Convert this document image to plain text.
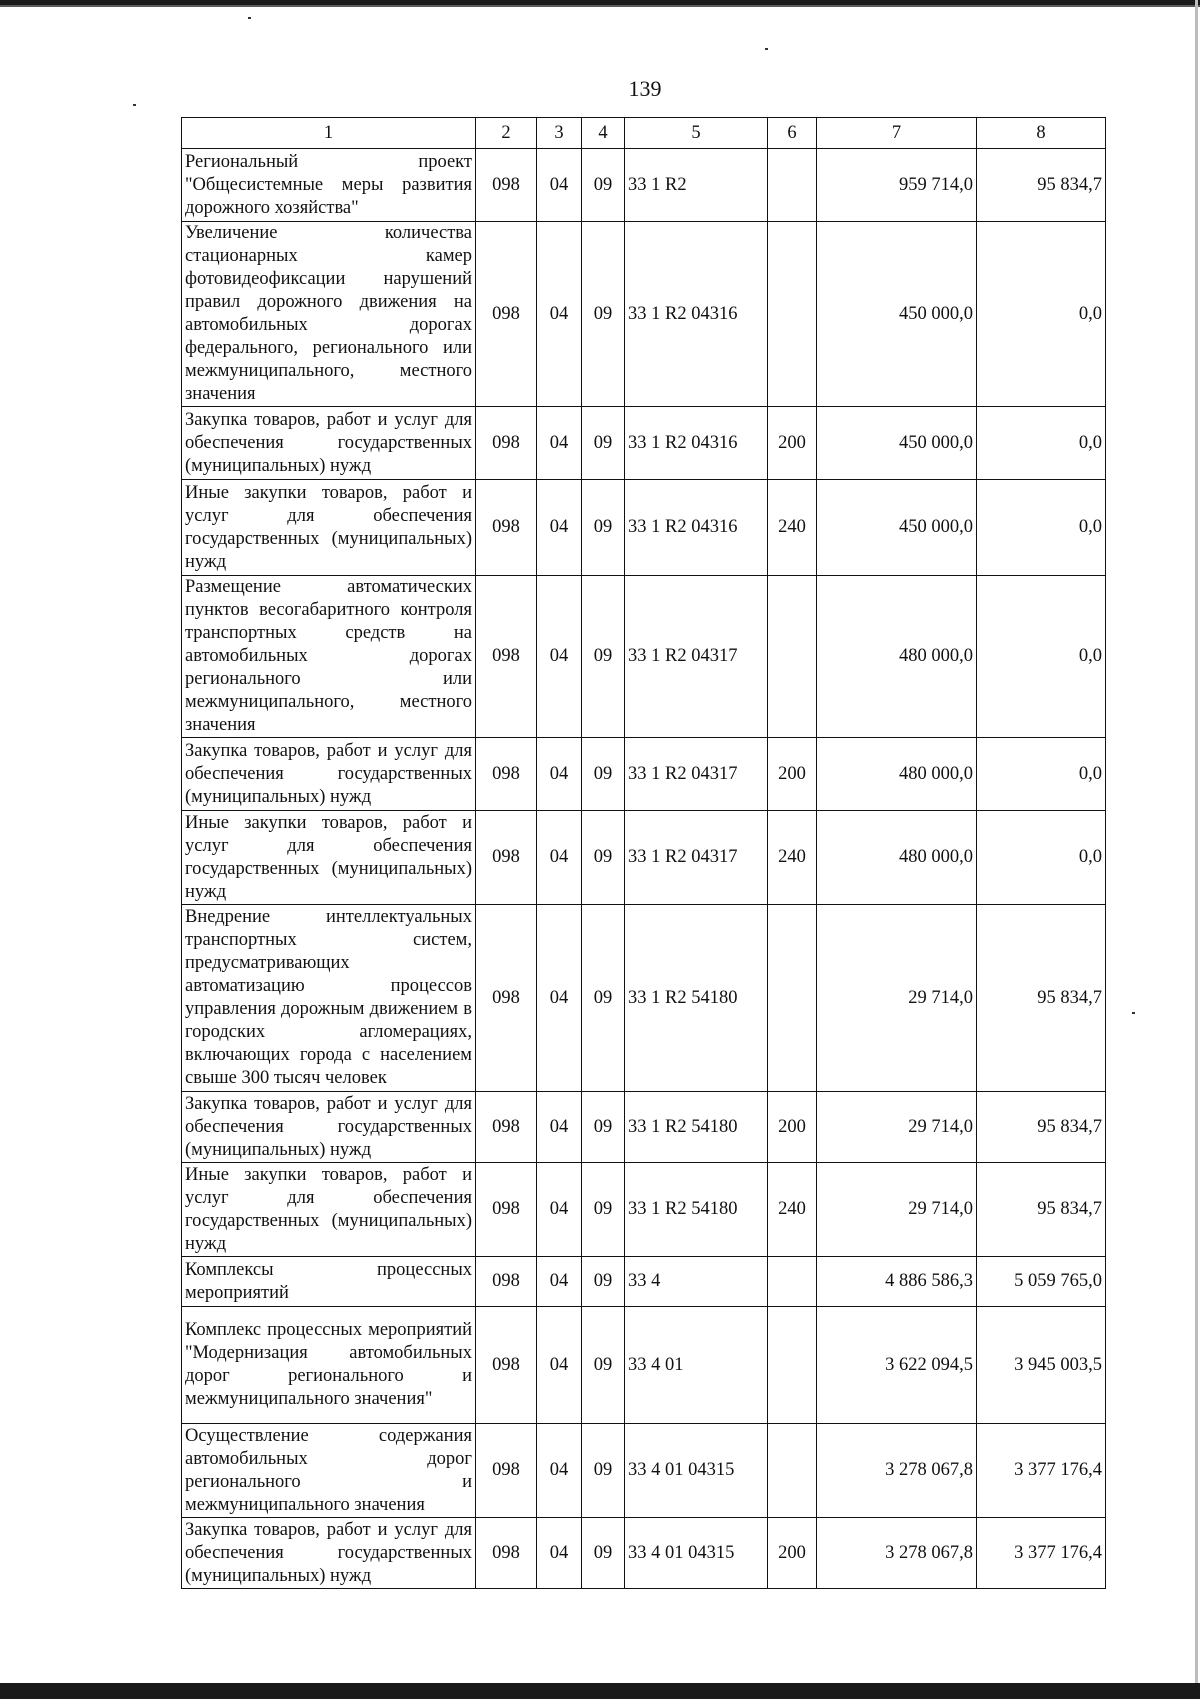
139
1	2	3	4	5	6	7	8
Региональный проект "Общесистемные меры развития дорожного хозяйства"	098	04	09	33 1 R2		959 714,0	95 834,7
Увеличение количества стационарных камер фотовидеофиксации нарушений правил дорожного движения на автомобильных дорогах федерального, регионального или межмуниципального, местного значения	098	04	09	33 1 R2 04316		450 000,0	0,0
Закупка товаров, работ и услуг для обеспечения государственных (муниципальных) нужд	098	04	09	33 1 R2 04316	200	450 000,0	0,0
Иные закупки товаров, работ и услуг для обеспечения государственных (муниципальных) нужд	098	04	09	33 1 R2 04316	240	450 000,0	0,0
Размещение автоматических пунктов весогабаритного контроля транспортных средств на автомобильных дорогах регионального или межмуниципального, местного значения	098	04	09	33 1 R2 04317		480 000,0	0,0
Закупка товаров, работ и услуг для обеспечения государственных (муниципальных) нужд	098	04	09	33 1 R2 04317	200	480 000,0	0,0
Иные закупки товаров, работ и услуг для обеспечения государственных (муниципальных) нужд	098	04	09	33 1 R2 04317	240	480 000,0	0,0
Внедрение интеллектуальных транспортных систем, предусматривающих автоматизацию процессов управления дорожным движением в городских агломерациях, включающих города с населением свыше 300 тысяч человек	098	04	09	33 1 R2 54180		29 714,0	95 834,7
Закупка товаров, работ и услуг для обеспечения государственных (муниципальных) нужд	098	04	09	33 1 R2 54180	200	29 714,0	95 834,7
Иные закупки товаров, работ и услуг для обеспечения государственных (муниципальных) нужд	098	04	09	33 1 R2 54180	240	29 714,0	95 834,7
Комплексы процессных мероприятий	098	04	09	33 4		4 886 586,3	5 059 765,0
Комплекс процессных мероприятий "Модернизация автомобильных дорог регионального и межмуниципального значения"	098	04	09	33 4 01		3 622 094,5	3 945 003,5
Осуществление содержания автомобильных дорог регионального и межмуниципального значения	098	04	09	33 4 01 04315		3 278 067,8	3 377 176,4
Закупка товаров, работ и услуг для обеспечения государственных (муниципальных) нужд	098	04	09	33 4 01 04315	200	3 278 067,8	3 377 176,4
